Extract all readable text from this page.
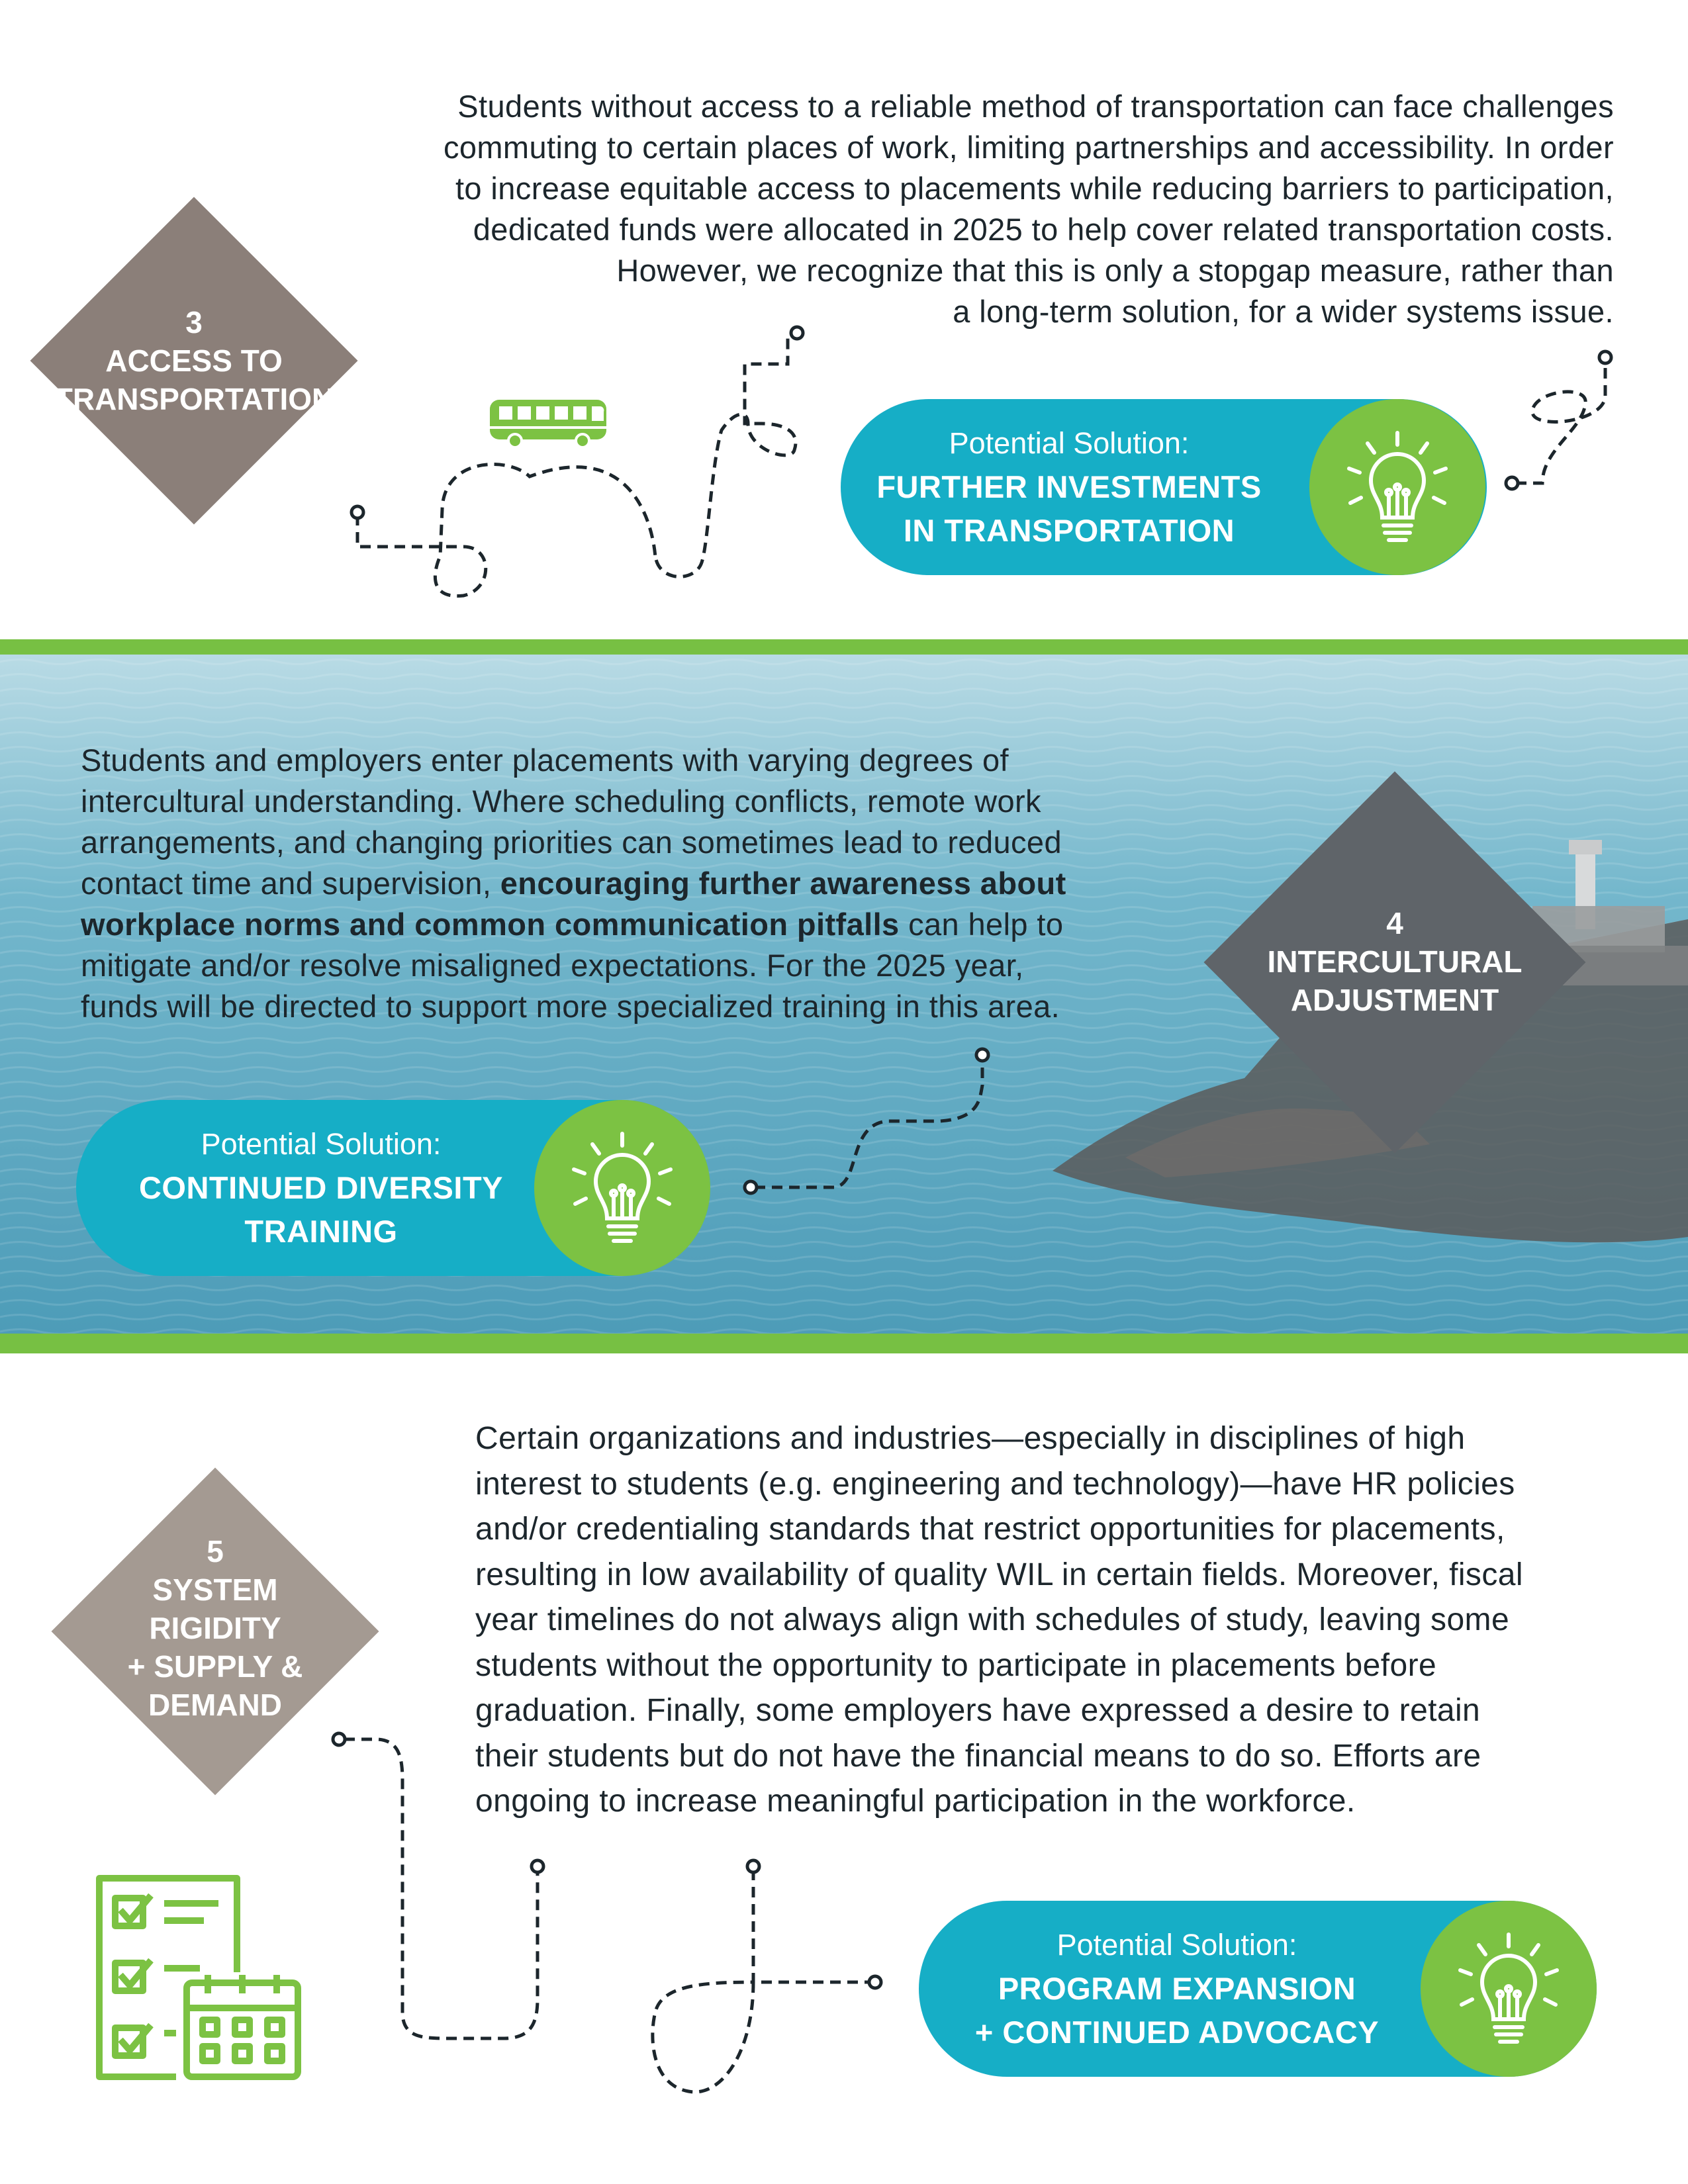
Students without access to a reliable method of transportation can face challenges
commuting to certain places of work, limiting partnerships and accessibility. In order
to increase equitable access to placements while reducing barriers to participation,
dedicated funds were allocated in 2025 to help cover related transportation costs.
However, we recognize that this is only a stopgap measure, rather than
a long-term solution, for a wider systems issue.
3
ACCESS TO
TRANSPORTATION
Potential Solution:
FURTHER INVESTMENTS
IN TRANSPORTATION
Students and employers enter placements with varying degrees of
intercultural understanding. Where scheduling conflicts, remote work
arrangements, and changing priorities can sometimes lead to reduced
contact time and supervision, encouraging further awareness about
workplace norms and common communication pitfalls can help to
mitigate and/or resolve misaligned expectations. For the 2025 year,
funds will be directed to support more specialized training in this area.
4
INTERCULTURAL
ADJUSTMENT
Potential Solution:
CONTINUED DIVERSITY
TRAINING
Certain organizations and industries—especially in disciplines of high
interest to students (e.g. engineering and technology)—have HR policies
and/or credentialing standards that restrict opportunities for placements,
resulting in low availability of quality WIL in certain fields. Moreover, fiscal
year timelines do not always align with schedules of study, leaving some
students without the opportunity to participate in placements before
graduation. Finally, some employers have expressed a desire to retain
their students but do not have the financial means to do so. Efforts are
ongoing to increase meaningful participation in the workforce.
5
SYSTEM
RIGIDITY
+ SUPPLY &
DEMAND
Potential Solution:
PROGRAM EXPANSION
+ CONTINUED ADVOCACY
